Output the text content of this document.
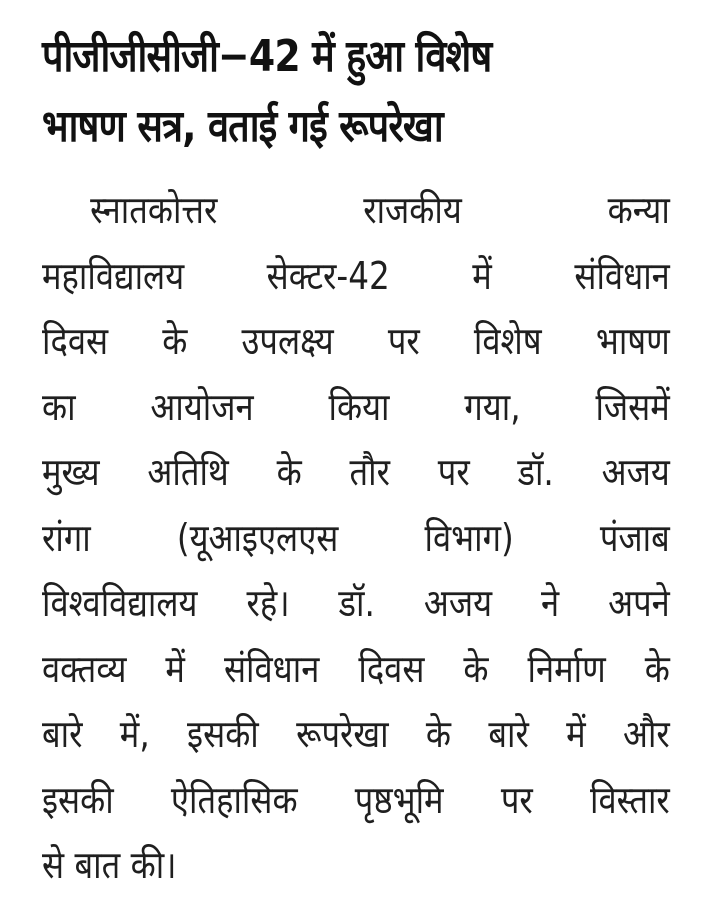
पीजीजीसीजी−42 में हुआ विशेष
भाषण सत्र, वताई गई रूपरेखा
स्नातकोत्तर राजकीय कन्या
महाविद्यालय सेक्टर-42 में संविधान
दिवस के उपलक्ष्य पर विशेष भाषण
का आयोजन किया गया, जिसमें
मुख्य अतिथि के तौर पर डॉ. अजय
रांगा (यूआइएलएस विभाग) पंजाब
विश्वविद्यालय रहे। डॉ. अजय ने अपने
वक्तव्य में संविधान दिवस के निर्माण के
बारे में, इसकी रूपरेखा के बारे में और
इसकी ऐतिहासिक पृष्ठभूमि पर विस्तार
से बात की।
